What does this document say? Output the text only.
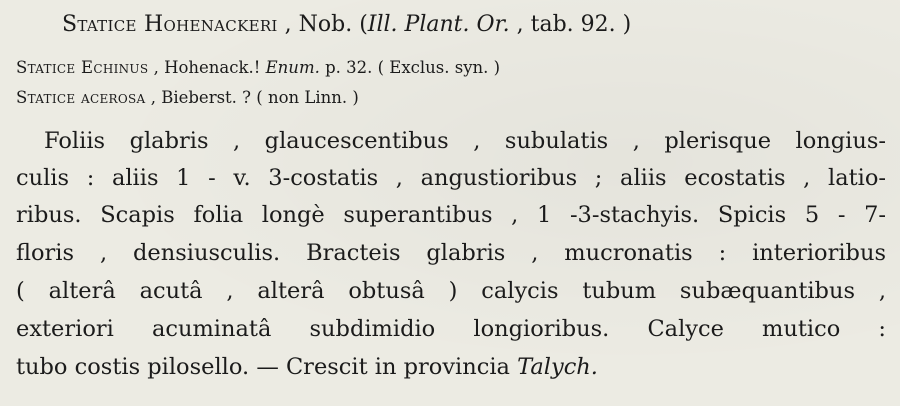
Statice Hohenackeri , Nob. (Ill. Plant. Or. , tab. 92. )

Statice Echinus , Hohenack.! Enum. p. 32. ( Exclus. syn. )

Statice acerosa , Bieberst. ? ( non Linn. )

Foliis glabris , glaucescentibus , subulatis , plerisque longius-
culis : aliis 1 - v. 3-costatis , angustioribus ; aliis ecostatis , latio-
ribus. Scapis folia longè superantibus , 1 -3-stachyis. Spicis 5 - 7-
floris , densiusculis. Bracteis glabris , mucronatis : interioribus
( alterâ acutâ , alterâ obtusâ ) calycis tubum subæquantibus ,
exteriori acuminatâ subdimidio longioribus. Calyce mutico :
tubo costis pilosello. — Crescit in provincia Talych.
